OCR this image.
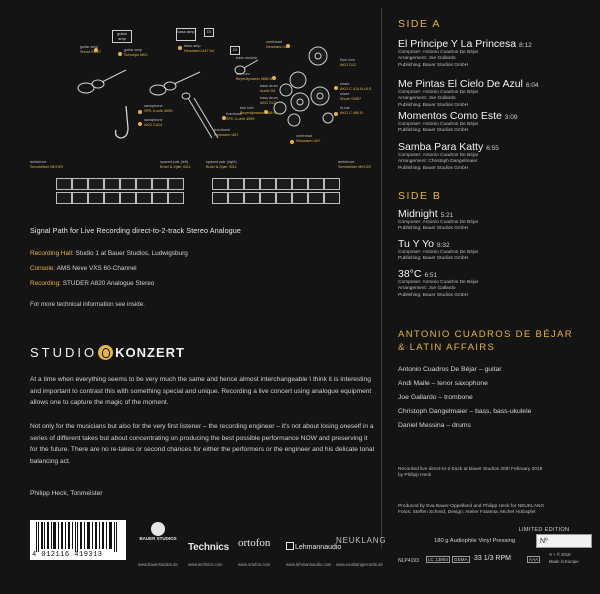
guitar amp
bass amp	DI
DI
guitar amp
Shure SM57	guitar amp
Schoeps MK2
bass amp
Neumann U47 fet
bass ukulele
overhead
Neumann U67
floor tom
AKG D12
tom tom
Beyerdynamic M88 N
bass drum
Audix D6
bass drum
AKG D12
tom tom
Beyerdynamic M88 N
snare
AKG C 414 B-ULS
snare
Shure SM57
hi-hat
AKG C 460 B
saxophone
SPK 4-cele 4059
saxophone
AKG C414
trombone
SPK 4-cele 4059
trombone
Neumann U87	overhead
Neumann U67
ambience
Sennheiser MKH20
spaced pair (left)
Brüel & Kjær 4011
spaced pair (right)
Brüel & Kjær 4011
ambience
Sennheiser MKH20
Signal Path for Live Recording direct-to-2-track Stereo Analogue
Recording Hall: Studio 1 at Bauer Studios, Ludwigsburg
Console: AMS Neve VXS 60-Channel
Recording: STUDER A820 Analogue Stereo
For more technical information see inside.
STUDIO KONZERT
At a time when everything seems to be very much the same and hence almost interchangeable I think it is interesting and important to contrast this with something special and unique. Recording a live concert using analogue equipment allows one to capture the magic of the moment.
Not only for the musicians but also for the very first listener – the recording engineer – it's not about losing oneself in a series of different takes but about concentrating on producing the best possible performance NOW and preserving it for the future. There are no re-takes or second chances for either the performers or the engineer and his delicate tonal balancing act.
Philipp Heck, Tonmeister
SIDE A
El Principe Y La Princesa 8:12
Composer: Antonio Cuadros De Béjar
Arrangement: Joe Gallardo
Publishing: Bauer Studios GmbH
Me Pintas El Cielo De Azul 6:04
Composer: Antonio Cuadros De Béjar
Arrangement: Joe Gallardo
Publishing: Bauer Studios GmbH
Momentos Como Este 3:09
Composer: Antonio Cuadros De Béjar
Publishing: Bauer Studios GmbH
Samba Para Katty 6:55
Composer: Antonio Cuadros De Béjar
Arrangement: Christoph Dangelmaier
Publishing: Bauer Studios GmbH
SIDE B
Midnight 5:21
Composer: Antonio Cuadros De Béjar
Publishing: Bauer Studios GmbH
Tu Y Yo 8:32
Composer: Antonio Cuadros De Béjar
Publishing: Bauer Studios GmbH
38°C 6:51
Composer: Antonio Cuadros De Béjar
Arrangement: Joe Gallardo
Publishing: Bauer Studios GmbH
ANTONIO CUADROS DE BÉJAR
& LATIN AFFAIRS
Antonio Cuadros De Béjar – guitar
Andi Maile – tenor saxophone
Joe Gallardo – trombone
Christoph Dangelmaier – bass, bass-ukulele
Daniel Messina – drums
Recorded live direct-to-2-track at Bauer Studios 20th February 2018
by Philipp Heck
Produced by Eva Bauer-Oppelland and Philipp Heck for NEUKLANG
Fotos: Steffen Schmid, Design: Atelier Fatamta, Michel Holzapfel
LIMITED EDITION
180 g Audiophile Vinyl Pressing	Nº
4 012116 419313
BAUER STUDIOS
Technics ortofon	Lehmannaudio
NEUKLANG
www.bauerstudios.de www.technics.com	www.ortofon.com	www.lehmannaudio.com www.neuklangrecords.de
NLP4193	LC 13854	GEMA 33 1/3 RPM	AAA
℗ + © 2018
Made in Europe
